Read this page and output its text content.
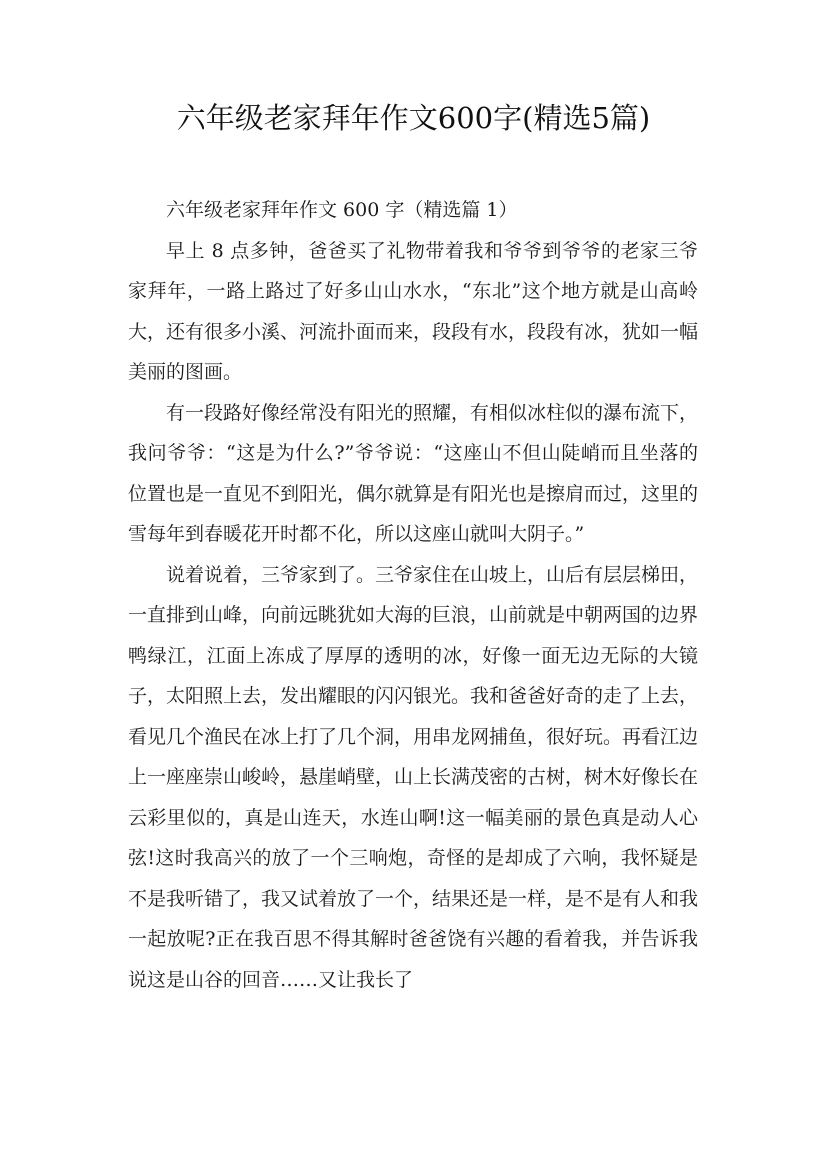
六年级老家拜年作文600字(精选5篇)

六年级老家拜年作文 600 字（精选篇 1）

早上 8 点多钟，爸爸买了礼物带着我和爷爷到爷爷的老家三爷家拜年，一路上路过了好多山山水水，“东北”这个地方就是山高岭大，还有很多小溪、河流扑面而来，段段有水，段段有冰，犹如一幅美丽的图画。

有一段路好像经常没有阳光的照耀，有相似冰柱似的瀑布流下，我问爷爷：“这是为什么?”爷爷说：“这座山不但山陡峭而且坐落的位置也是一直见不到阳光，偶尔就算是有阳光也是擦肩而过，这里的雪每年到春暖花开时都不化，所以这座山就叫大阴子。”

说着说着，三爷家到了。三爷家住在山坡上，山后有层层梯田，一直排到山峰，向前远眺犹如大海的巨浪，山前就是中朝两国的边界鸭绿江，江面上冻成了厚厚的透明的冰，好像一面无边无际的大镜子，太阳照上去，发出耀眼的闪闪银光。我和爸爸好奇的走了上去，看见几个渔民在冰上打了几个洞，用串龙网捕鱼，很好玩。再看江边上一座座崇山峻岭，悬崖峭壁，山上长满茂密的古树，树木好像长在云彩里似的，真是山连天，水连山啊!这一幅美丽的景色真是动人心弦!这时我高兴的放了一个三响炮，奇怪的是却成了六响，我怀疑是不是我听错了，我又试着放了一个，结果还是一样，是不是有人和我一起放呢?正在我百思不得其解时爸爸饶有兴趣的看着我，并告诉我说这是山谷的回音……又让我长了
